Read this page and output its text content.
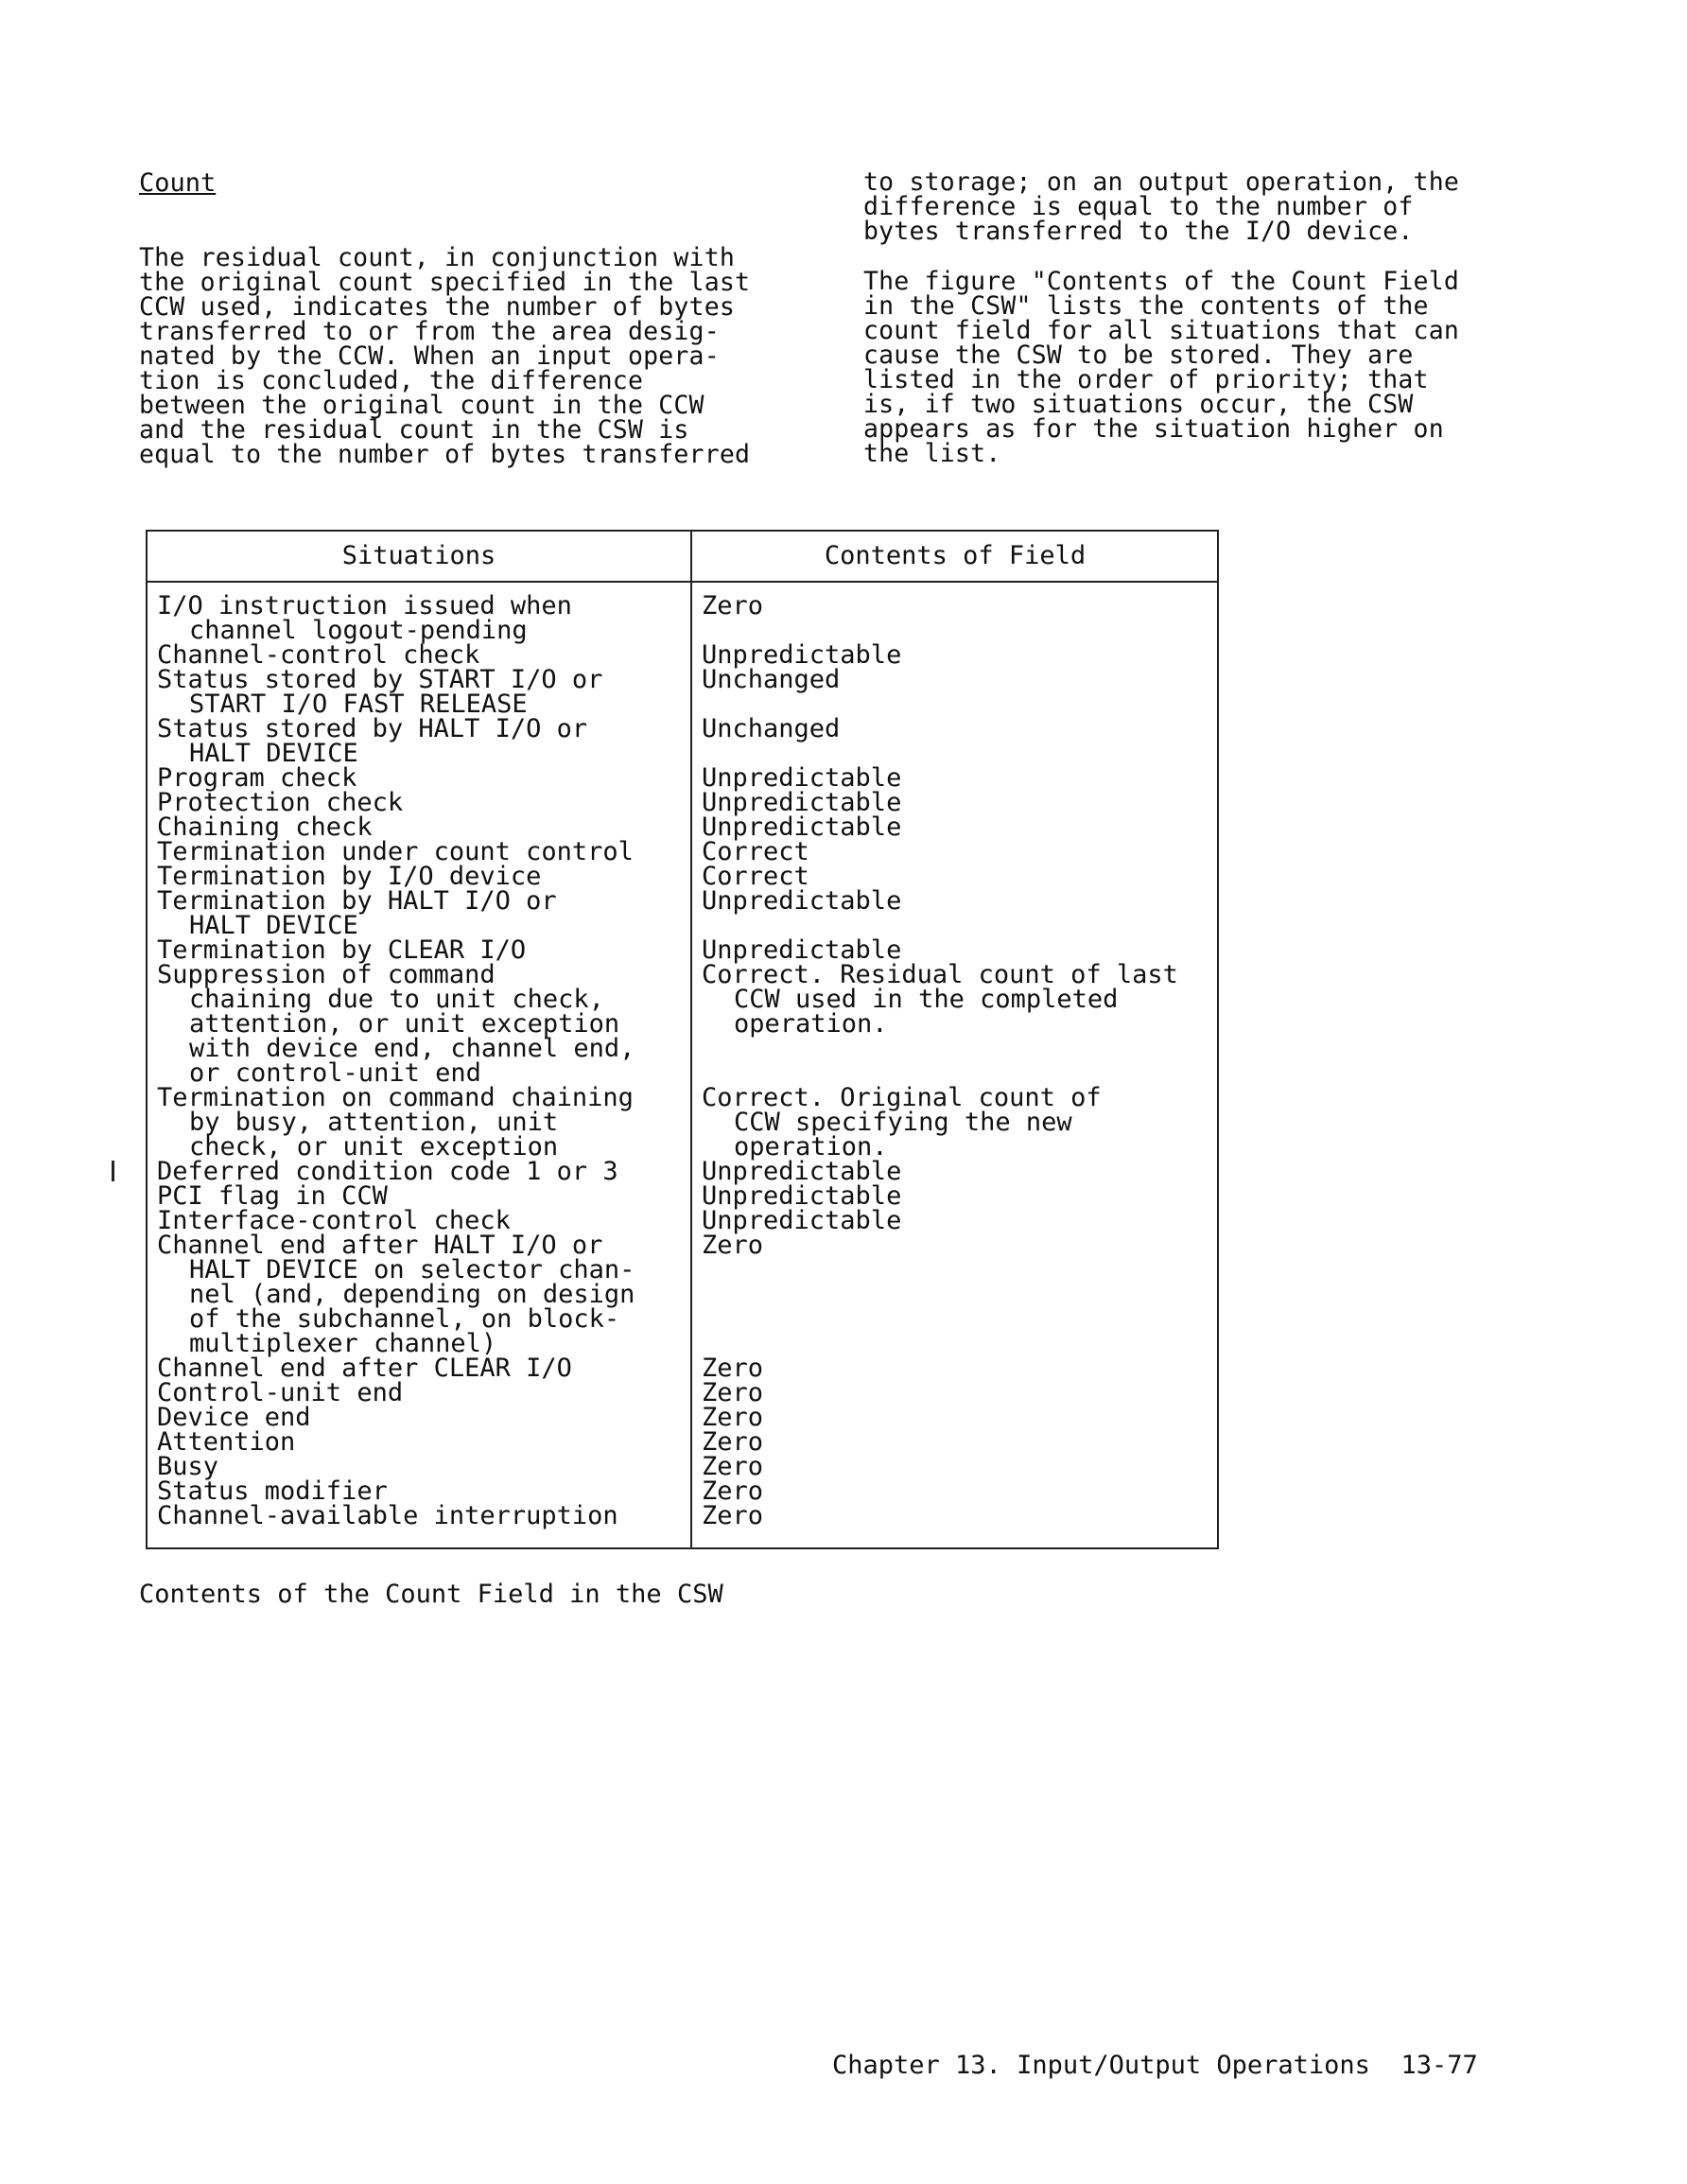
Count

The residual count, in conjunction with
the original count specified in the last
CCW used, indicates the number of bytes
transferred to or from the area desig-
nated by the CCW. When an input opera-
tion is concluded, the difference
between the original count in the CCW
and the residual count in the CSW is
equal to the number of bytes transferred

to storage; on an output operation, the
difference is equal to the number of
bytes transferred to the I/O device.

The figure "Contents of the Count Field
in the CSW" lists the contents of the
count field for all situations that can
cause the CSW to be stored. They are
listed in the order of priority; that
is, if two situations occur, the CSW
appears as for the situation higher on
the list.

Situations	Contents of Field
I/O instruction issued when
channel logout-pending
Channel-control check
Status stored by START I/O or
START I/O FAST RELEASE
Status stored by HALT I/O or
HALT DEVICE
Program check
Protection check
Chaining check
Termination under count control
Termination by I/O device
Termination by HALT I/O or
HALT DEVICE
Termination by CLEAR I/O
Suppression of command
chaining due to unit check,
attention, or unit exception
with device end, channel end,
or control-unit end
Termination on command chaining
by busy, attention, unit
check, or unit exception
Deferred condition code 1 or 3
PCI flag in CCW
Interface-control check
Channel end after HALT I/O or
HALT DEVICE on selector chan-
nel (and, depending on design
of the subchannel, on block-
multiplexer channel)
Channel end after CLEAR I/O
Control-unit end
Device end
Attention
Busy
Status modifier
Channel-available interruption
Zero
Unpredictable
Unchanged
Unchanged
Unpredictable
Unpredictable
Unpredictable
Correct
Correct
Unpredictable
Unpredictable
Correct. Residual count of last
CCW used in the completed
operation.
Correct. Original count of
CCW specifying the new
operation.
Unpredictable
Unpredictable
Unpredictable
Zero
Zero
Zero
Zero
Zero
Zero
Zero
Zero

Contents of the Count Field in the CSW

Chapter 13. Input/Output Operations  13-77
